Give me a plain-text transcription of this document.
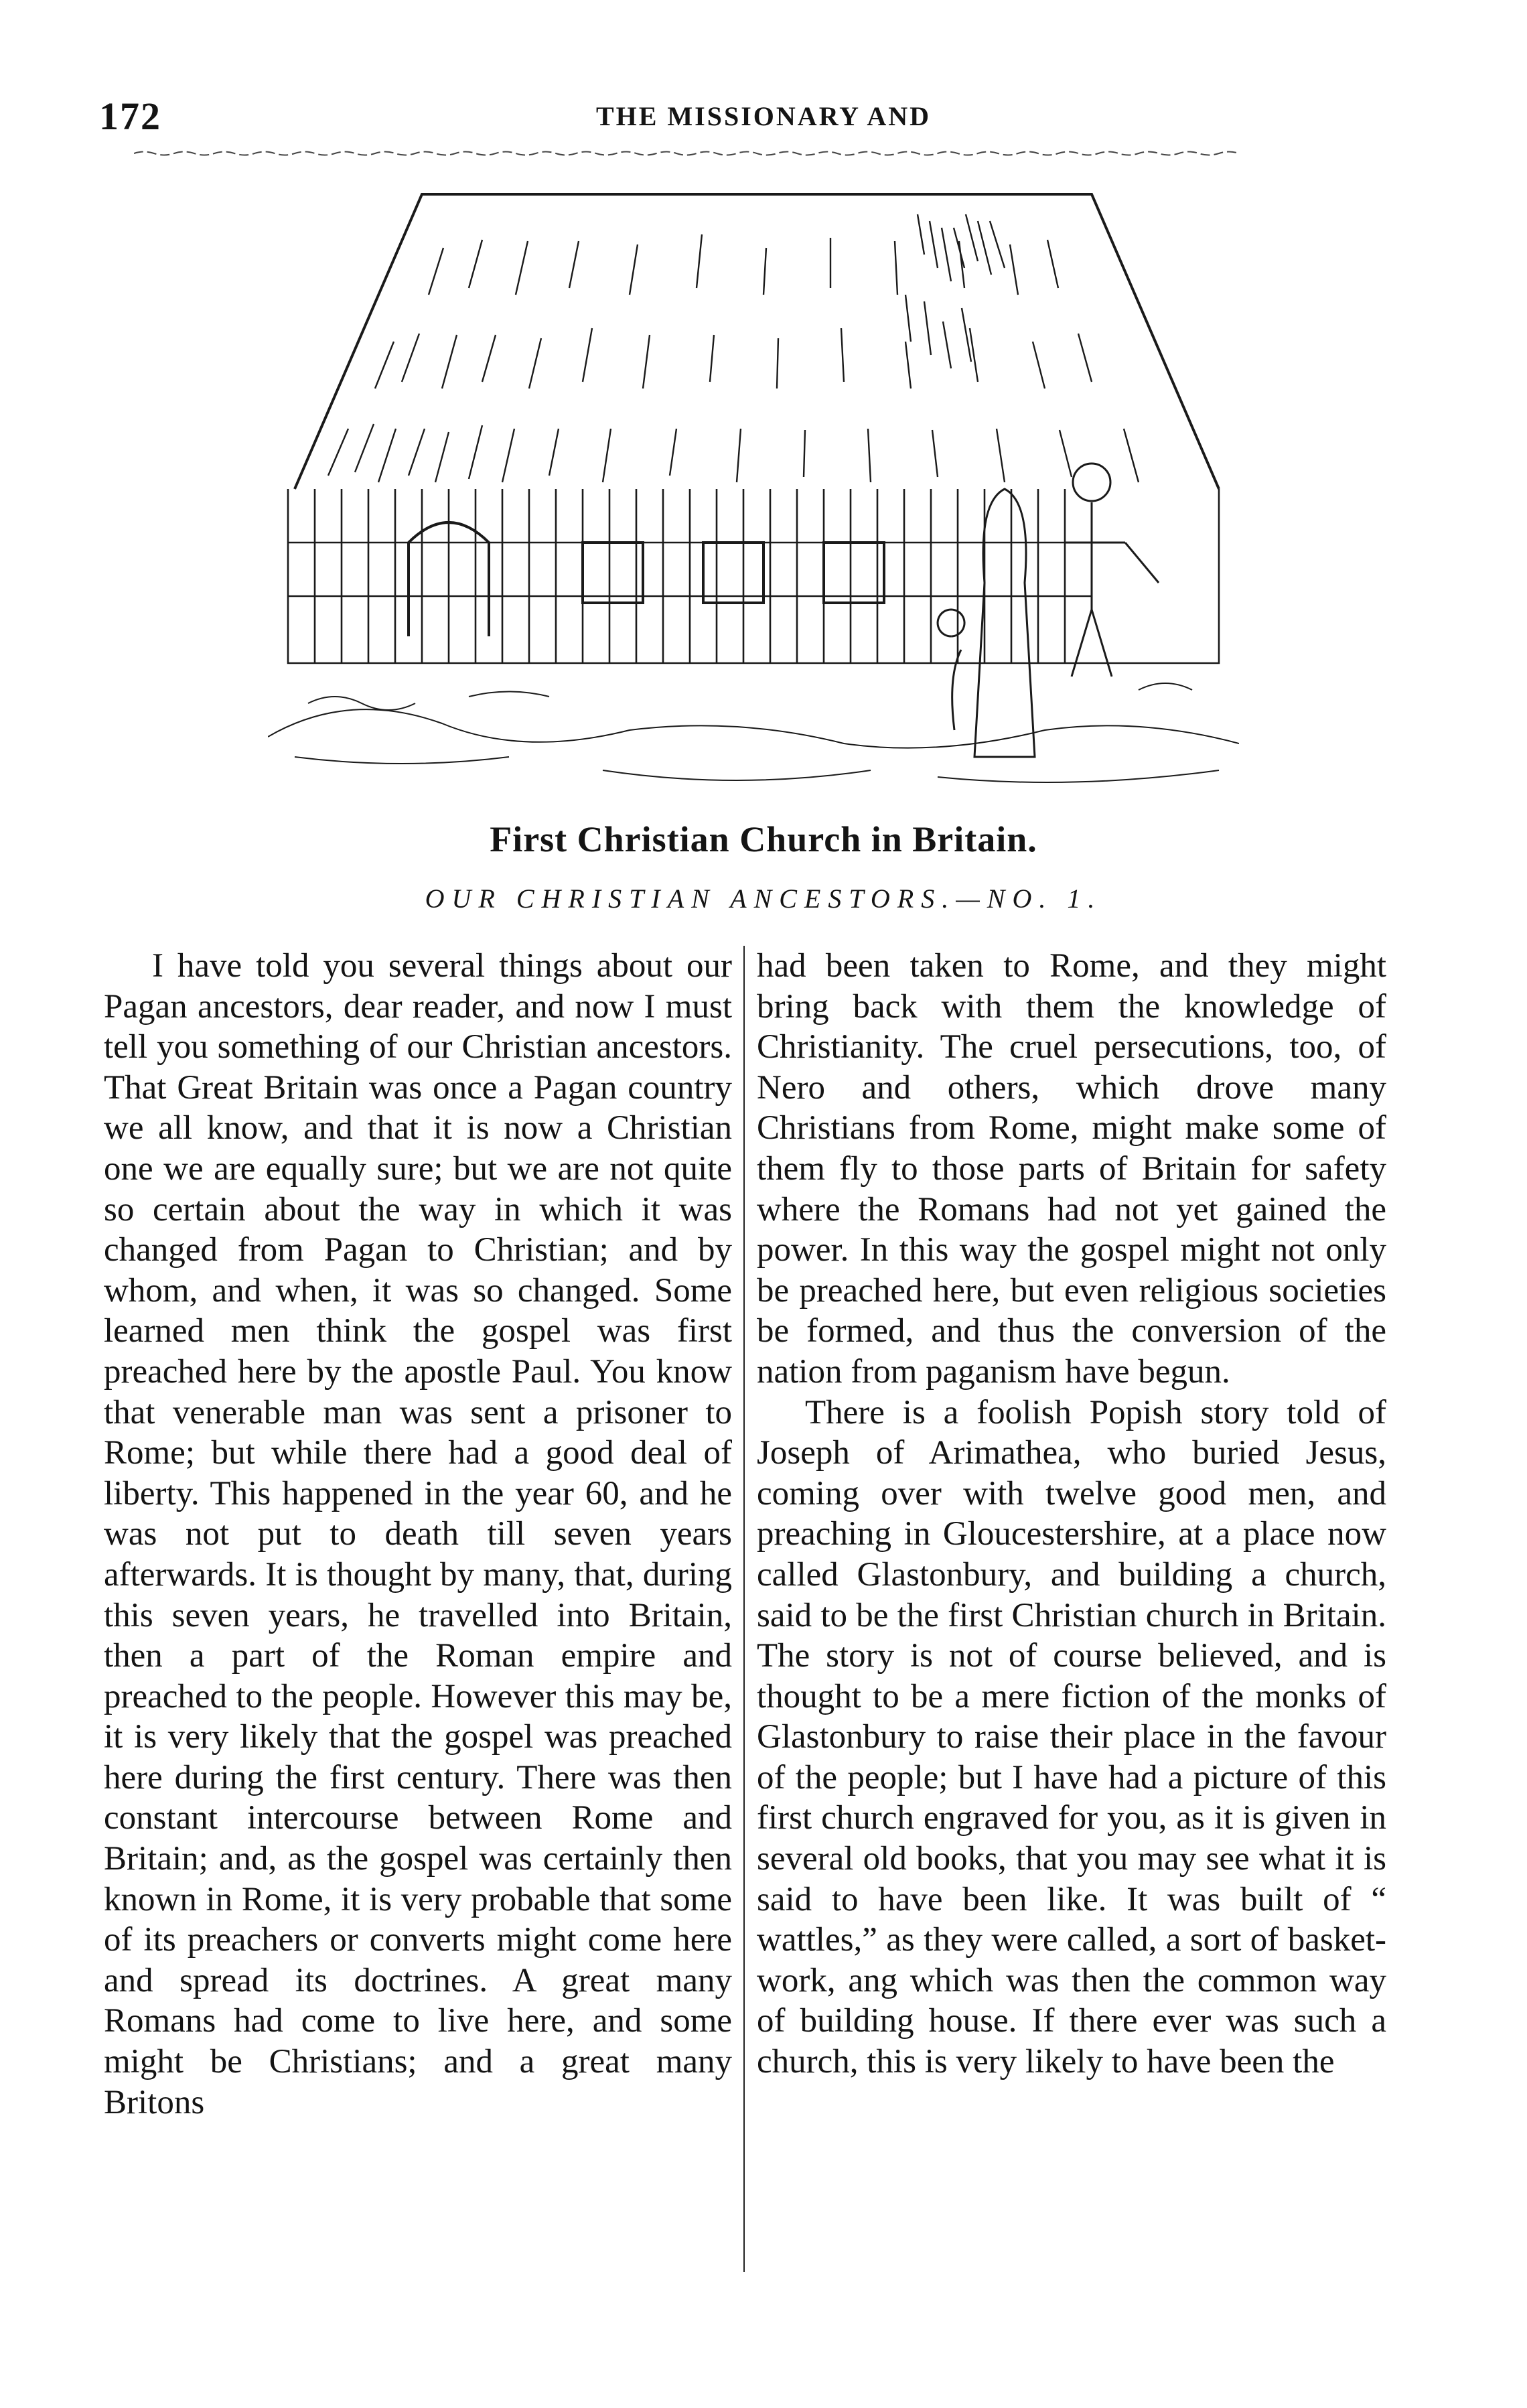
172	THE MISSIONARY AND
First Christian Church in Britain.
OUR CHRISTIAN ANCESTORS.—NO. 1.

I have told you several things about our Pagan ancestors, dear reader, and now I must tell you something of our Christian ancestors. That Great Britain was once a Pagan country we all know, and that it is now a Christian one we are equally sure; but we are not quite so certain about the way in which it was changed from Pagan to Christian; and by whom, and when, it was so changed. Some learned men think the gospel was first preached here by the apostle Paul. You know that venerable man was sent a prisoner to Rome; but while there had a good deal of liberty. This happened in the year 60, and he was not put to death till seven years afterwards. It is thought by many, that, during this seven years, he travelled into Britain, then a part of the Roman empire and preached to the people. However this may be, it is very likely that the gospel was preached here during the first century. There was then constant intercourse between Rome and Britain; and, as the gospel was certainly then known in Rome, it is very probable that some of its preachers or converts might come here and spread its doctrines. A great many Romans had come to live here, and some might be Christians; and a great many Britons

had been taken to Rome, and they might bring back with them the knowledge of Christianity. The cruel persecutions, too, of Nero and others, which drove many Christians from Rome, might make some of them fly to those parts of Britain for safety where the Romans had not yet gained the power. In this way the gospel might not only be preached here, but even religious societies be formed, and thus the conversion of the nation from paganism have begun.

There is a foolish Popish story told of Joseph of Arimathea, who buried Jesus, coming over with twelve good men, and preaching in Gloucestershire, at a place now called Glastonbury, and building a church, said to be the first Christian church in Britain. The story is not of course believed, and is thought to be a mere fiction of the monks of Glastonbury to raise their place in the favour of the people; but I have had a picture of this first church engraved for you, as it is given in several old books, that you may see what it is said to have been like. It was built of “ wattles,” as they were called, a sort of basket-work, ang which was then the common way of building house. If there ever was such a church, this is very likely to have been the
